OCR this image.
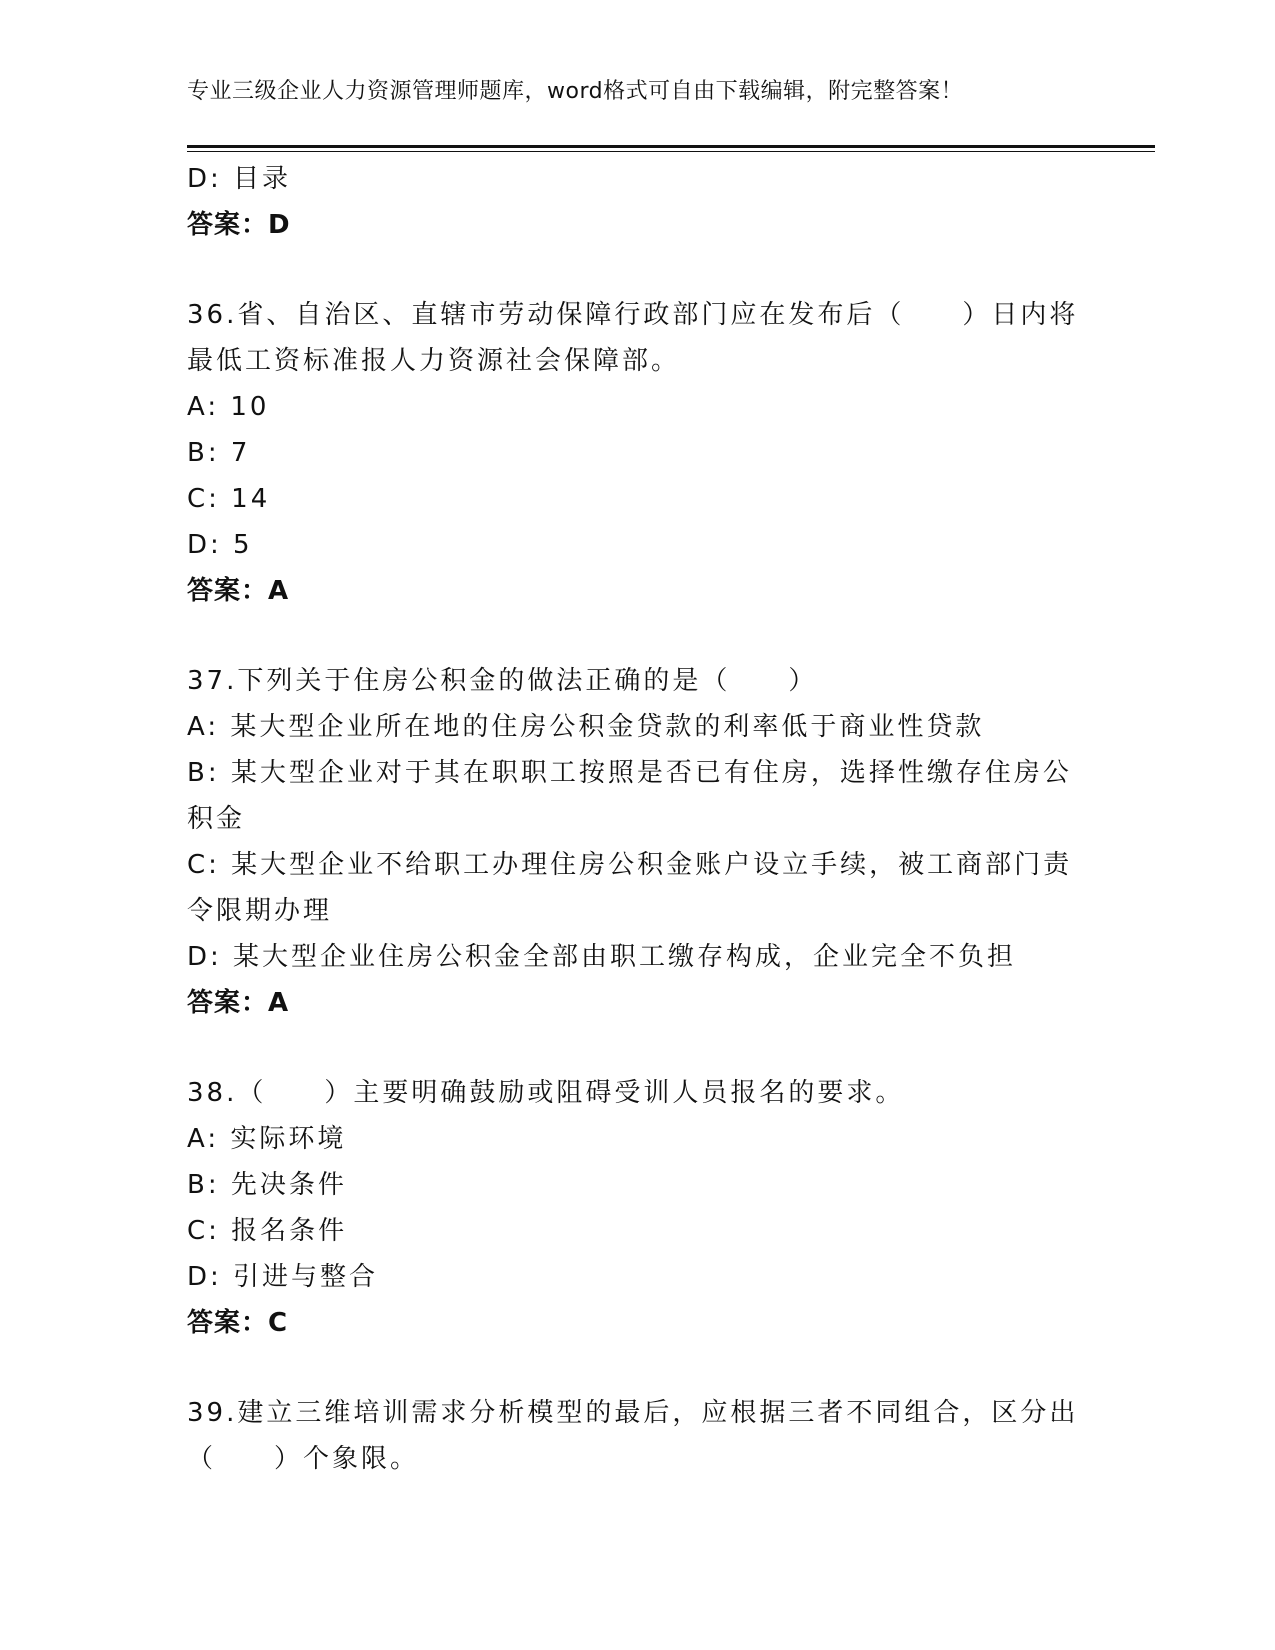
专业三级企业人力资源管理师题库，word格式可自由下载编辑，附完整答案！
D: 目录
答案：D
36.省、自治区、直辖市劳动保障行政部门应在发布后（　　）日内将
最低工资标准报人力资源社会保障部。
A: 10
B: 7
C: 14
D: 5
答案：A
37.下列关于住房公积金的做法正确的是（　　）
A: 某大型企业所在地的住房公积金贷款的利率低于商业性贷款
B: 某大型企业对于其在职职工按照是否已有住房，选择性缴存住房公
积金
C: 某大型企业不给职工办理住房公积金账户设立手续，被工商部门责
令限期办理
D: 某大型企业住房公积金全部由职工缴存构成，企业完全不负担
答案：A
38.（　　）主要明确鼓励或阻碍受训人员报名的要求。
A: 实际环境
B: 先决条件
C: 报名条件
D: 引进与整合
答案：C
39.建立三维培训需求分析模型的最后，应根据三者不同组合，区分出
（　　）个象限。
